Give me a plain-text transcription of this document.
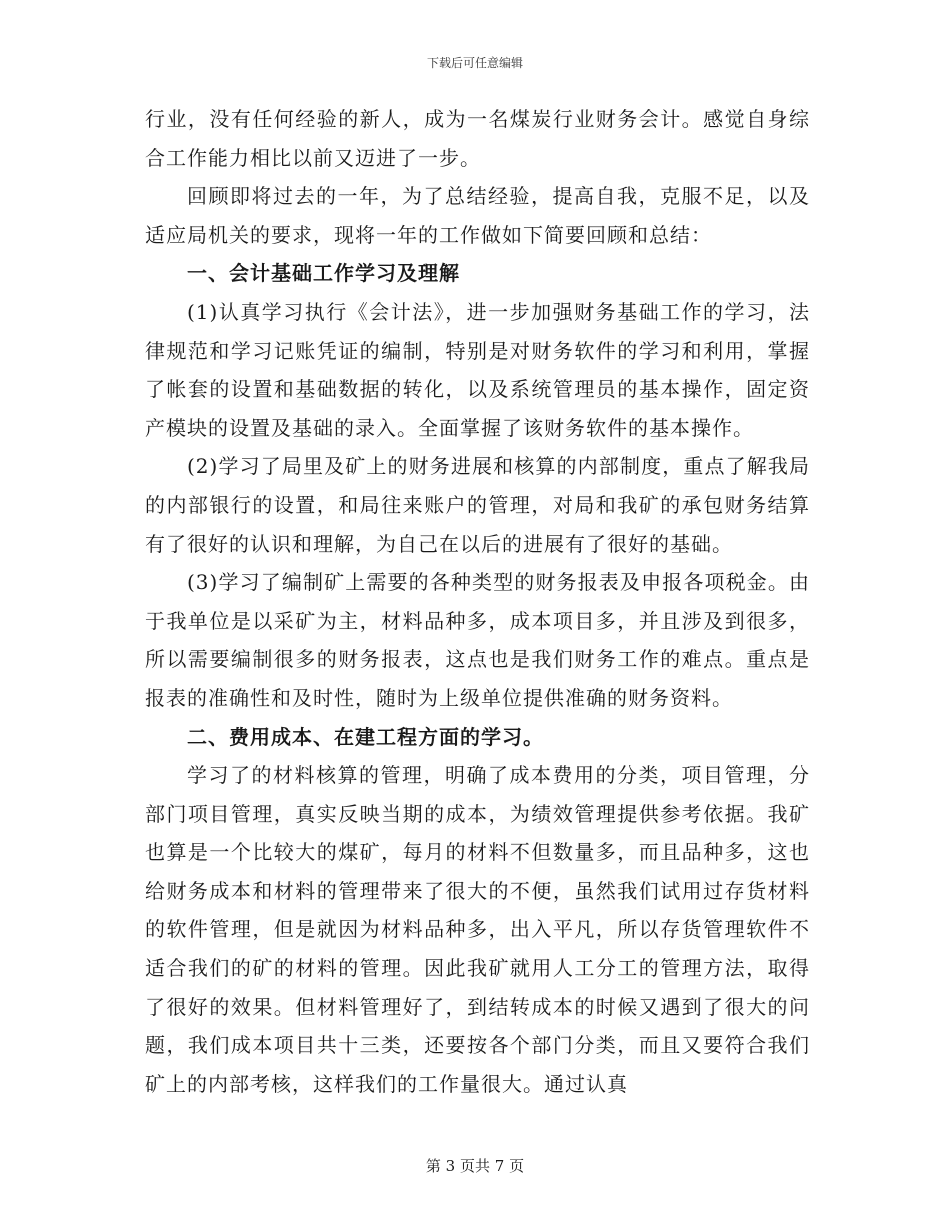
下载后可任意编辑

行业，没有任何经验的新人，成为一名煤炭行业财务会计。感觉自身综合工作能力相比以前又迈进了一步。

回顾即将过去的一年，为了总结经验，提高自我，克服不足，以及适应局机关的要求，现将一年的工作做如下简要回顾和总结：

一、会计基础工作学习及理解

(1)认真学习执行《会计法》，进一步加强财务基础工作的学习，法律规范和学习记账凭证的编制，特别是对财务软件的学习和利用，掌握了帐套的设置和基础数据的转化，以及系统管理员的基本操作，固定资产模块的设置及基础的录入。全面掌握了该财务软件的基本操作。

(2)学习了局里及矿上的财务进展和核算的内部制度，重点了解我局的内部银行的设置，和局往来账户的管理，对局和我矿的承包财务结算有了很好的认识和理解，为自己在以后的进展有了很好的基础。

(3)学习了编制矿上需要的各种类型的财务报表及申报各项税金。由于我单位是以采矿为主，材料品种多，成本项目多，并且涉及到很多，所以需要编制很多的财务报表，这点也是我们财务工作的难点。重点是报表的准确性和及时性，随时为上级单位提供准确的财务资料。

二、费用成本、在建工程方面的学习。

学习了的材料核算的管理，明确了成本费用的分类，项目管理，分部门项目管理，真实反映当期的成本，为绩效管理提供参考依据。我矿也算是一个比较大的煤矿，每月的材料不但数量多，而且品种多，这也给财务成本和材料的管理带来了很大的不便，虽然我们试用过存货材料的软件管理，但是就因为材料品种多，出入平凡，所以存货管理软件不适合我们的矿的材料的管理。因此我矿就用人工分工的管理方法，取得了很好的效果。但材料管理好了，到结转成本的时候又遇到了很大的问题，我们成本项目共十三类，还要按各个部门分类，而且又要符合我们矿上的内部考核，这样我们的工作量很大。通过认真

第 3 页共 7 页
